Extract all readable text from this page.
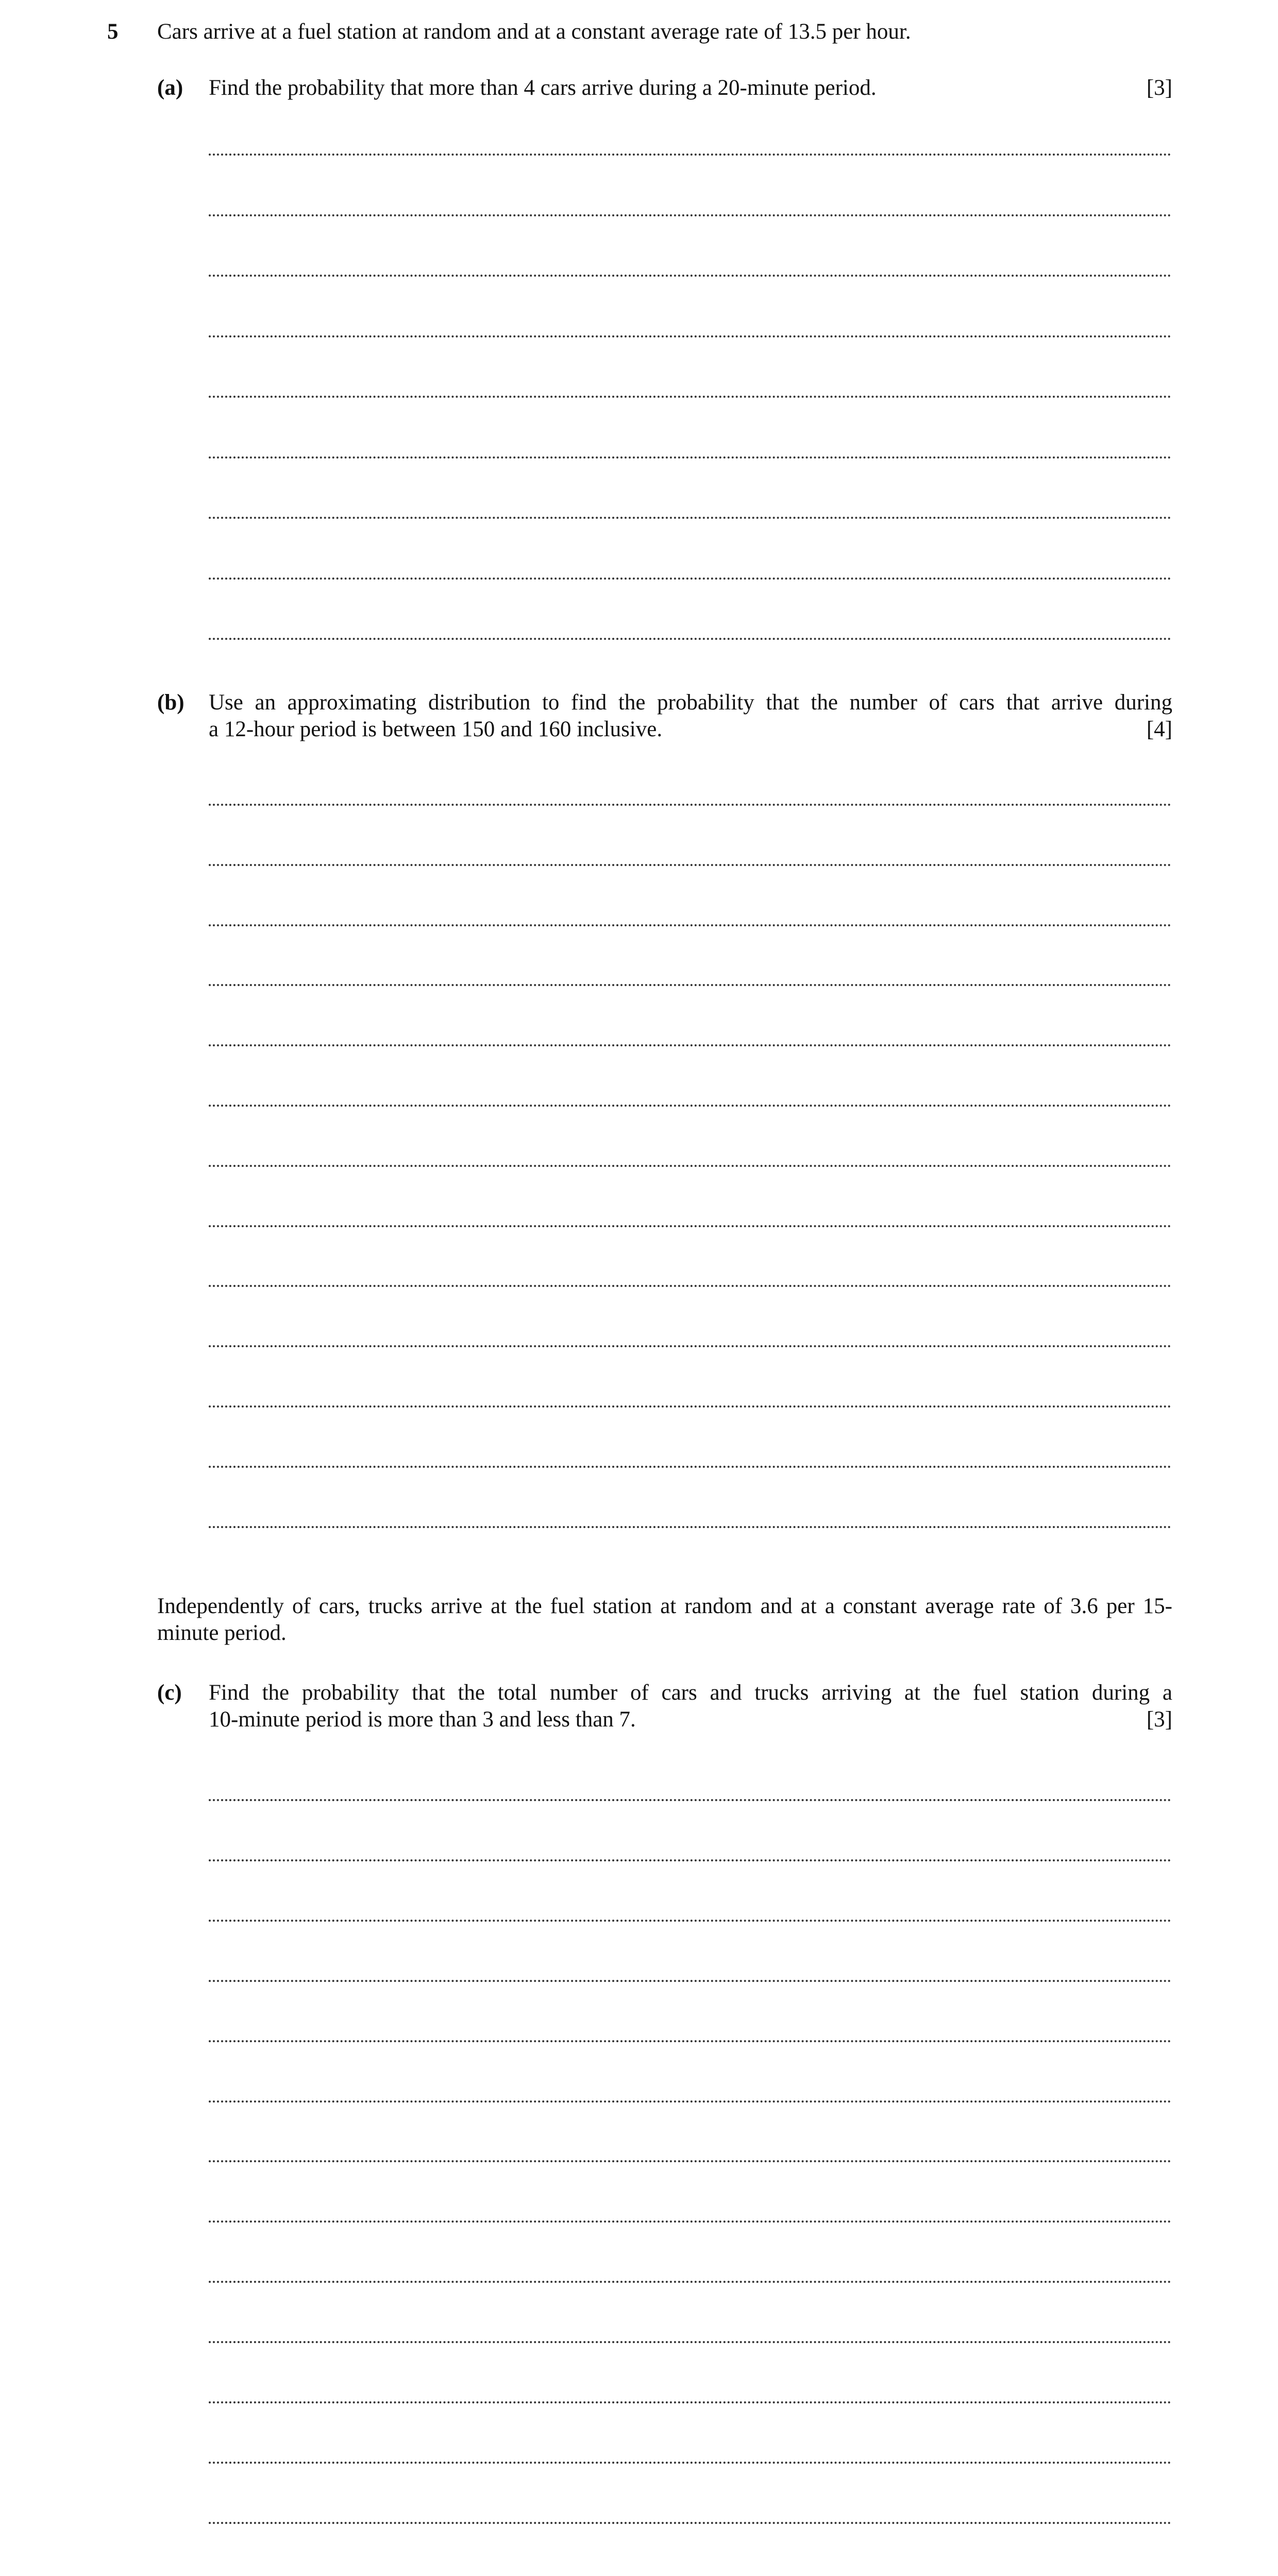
5 Cars arrive at a fuel station at random and at a constant average rate of 13.5 per hour.
(a) Find the probability that more than 4 cars arrive during a 20-minute period.	[3]
(b) Use an approximating distribution to find the probability that the number of cars that arrive during
a 12-hour period is between 150 and 160 inclusive.	[4]
Independently of cars, trucks arrive at the fuel station at random and at a constant average rate of 3.6 per 15-minute period.
(c) Find the probability that the total number of cars and trucks arriving at the fuel station during a
10-minute period is more than 3 and less than 7.	[3]
